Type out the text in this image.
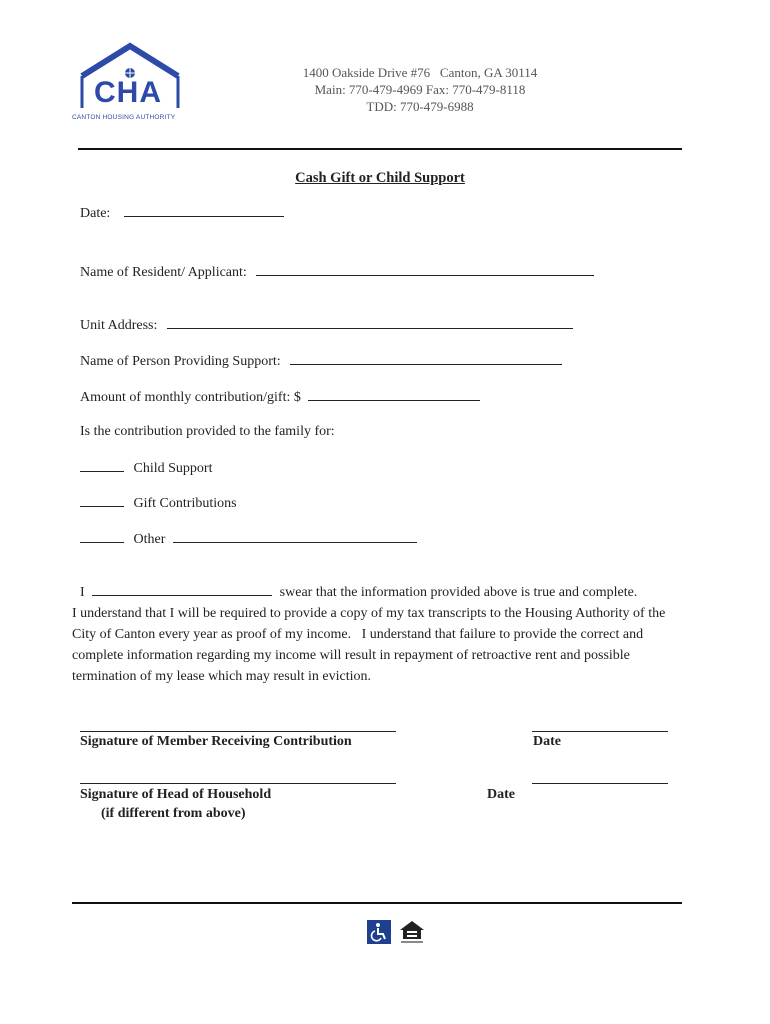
CHA
CANTON HOUSING AUTHORITY
1400 Oakside Drive #76   Canton, GA 30114
Main: 770-479-4969 Fax: 770-479-8118
TDD: 770-479-6988
Cash Gift or Child Support
Date:
Name of Resident/ Applicant:
Unit Address:
Name of Person Providing Support:
Amount of monthly contribution/gift: $
Is the contribution provided to the family for:
Child Support
Gift Contributions
Other
I	swear that the information provided above is true and complete.
I understand that I will be required to provide a copy of my tax transcripts to the Housing Authority of the City of Canton every year as proof of my income.   I understand that failure to provide the correct and complete information regarding my income will result in repayment of retroactive rent and possible termination of my lease which may result in eviction.
Signature of Member Receiving Contribution	Date
Signature of Head of Household
(if different from above)
Date
